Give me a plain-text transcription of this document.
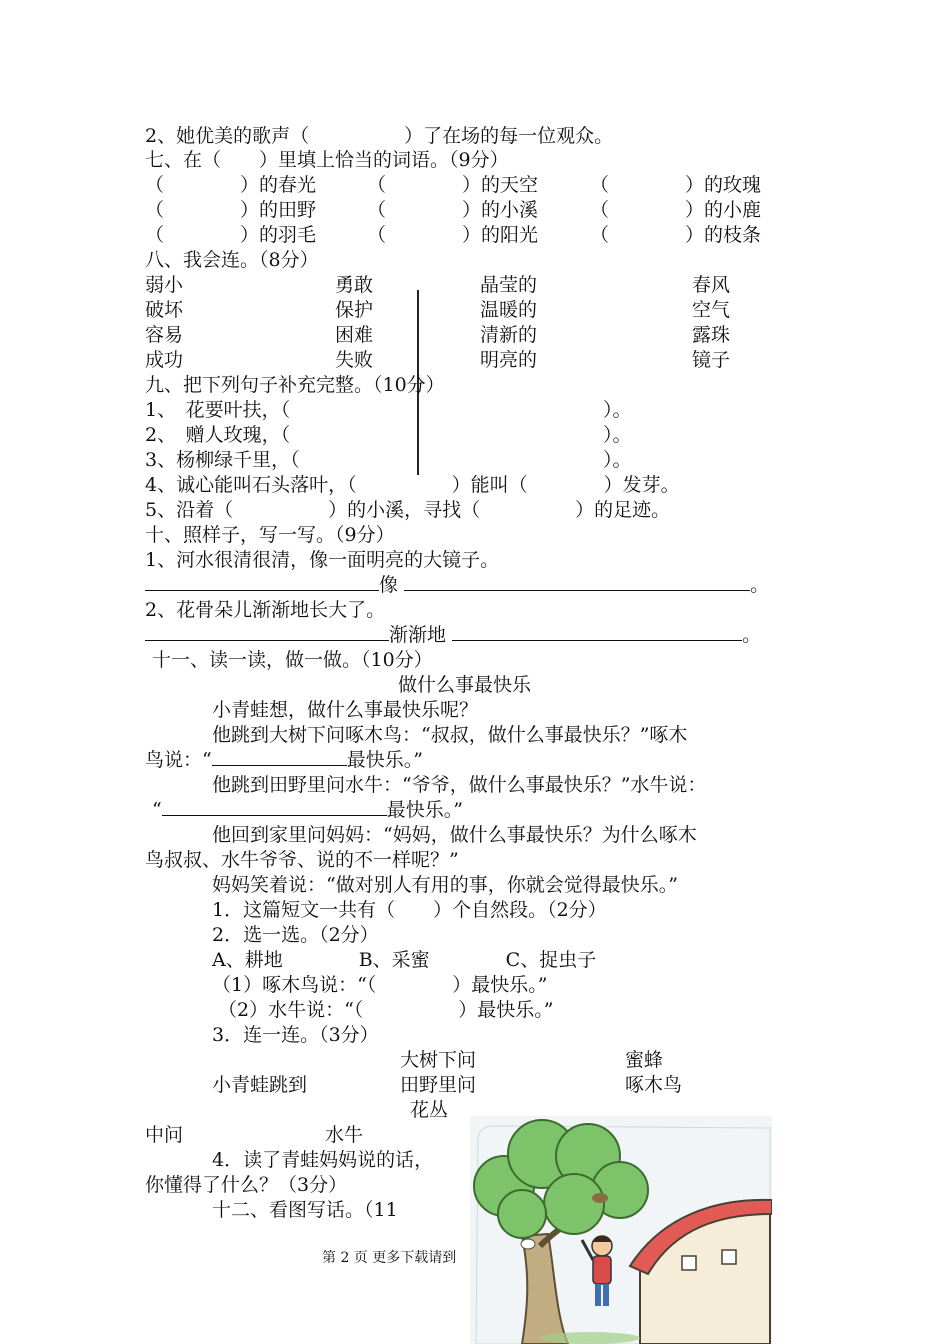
2、她优美的歌声（　　　　　）了在场的每一位观众。
七、在（　　）里填上恰当的词语。（9分）
（　　　　）的春光	（　　　　）的天空	（　　　　）的玫瑰
（　　　　）的田野	（　　　　）的小溪	（　　　　）的小鹿
（　　　　）的羽毛	（　　　　）的阳光	（　　　　）的枝条
八、我会连。（8分）
弱小	勇敢	晶莹的	春风
破坏	保护	温暖的	空气
容易	困难	清新的	露珠
成功	失败	明亮的	镜子
九、把下列句子补充完整。（10分）
1、　花要叶扶，（	）。
2、　赠人玫瑰，（	）。
3、杨柳绿千里，（	）。
4、诚心能叫石头落叶，（　　　　　）能叫（　　　　）发芽。
5、沿着（　　　　　）的小溪，寻找（　　　　　）的足迹。
十、照样子，写一写。（9分）
1、河水很清很清，像一面明亮的大镜子。
像	。
2、花骨朵儿渐渐地长大了。
渐渐地	。
十一、读一读，做一做。（10分）
做什么事最快乐
小青蛙想，做什么事最快乐呢？
他跳到大树下问啄木鸟：“叔叔，做什么事最快乐？”啄木
鸟说：“	最快乐。”
他跳到田野里问水牛：“爷爷，做什么事最快乐？”水牛说：
“	最快乐。”
他回到家里问妈妈：“妈妈，做什么事最快乐？为什么啄木
鸟叔叔、水牛爷爷、说的不一样呢？”
妈妈笑着说：“做对别人有用的事，你就会觉得最快乐。”
1．这篇短文一共有（　　）个自然段。（2分）
2．选一选。（2分）
A、耕地　　　　B、采蜜　　　　C、捉虫子
（1）啄木鸟说：“（　　　　）最快乐。”
（2）水牛说：“（　　　　　）最快乐。”
3．连一连。（3分）
大树下问	蜜蜂
小青蛙跳到	田野里问	啄木鸟
花丛
中问	水牛
4．读了青蛙妈妈说的话，
你懂得了什么？（3分）
十二、看图写话。（11
第 2 页 更多下载请到
